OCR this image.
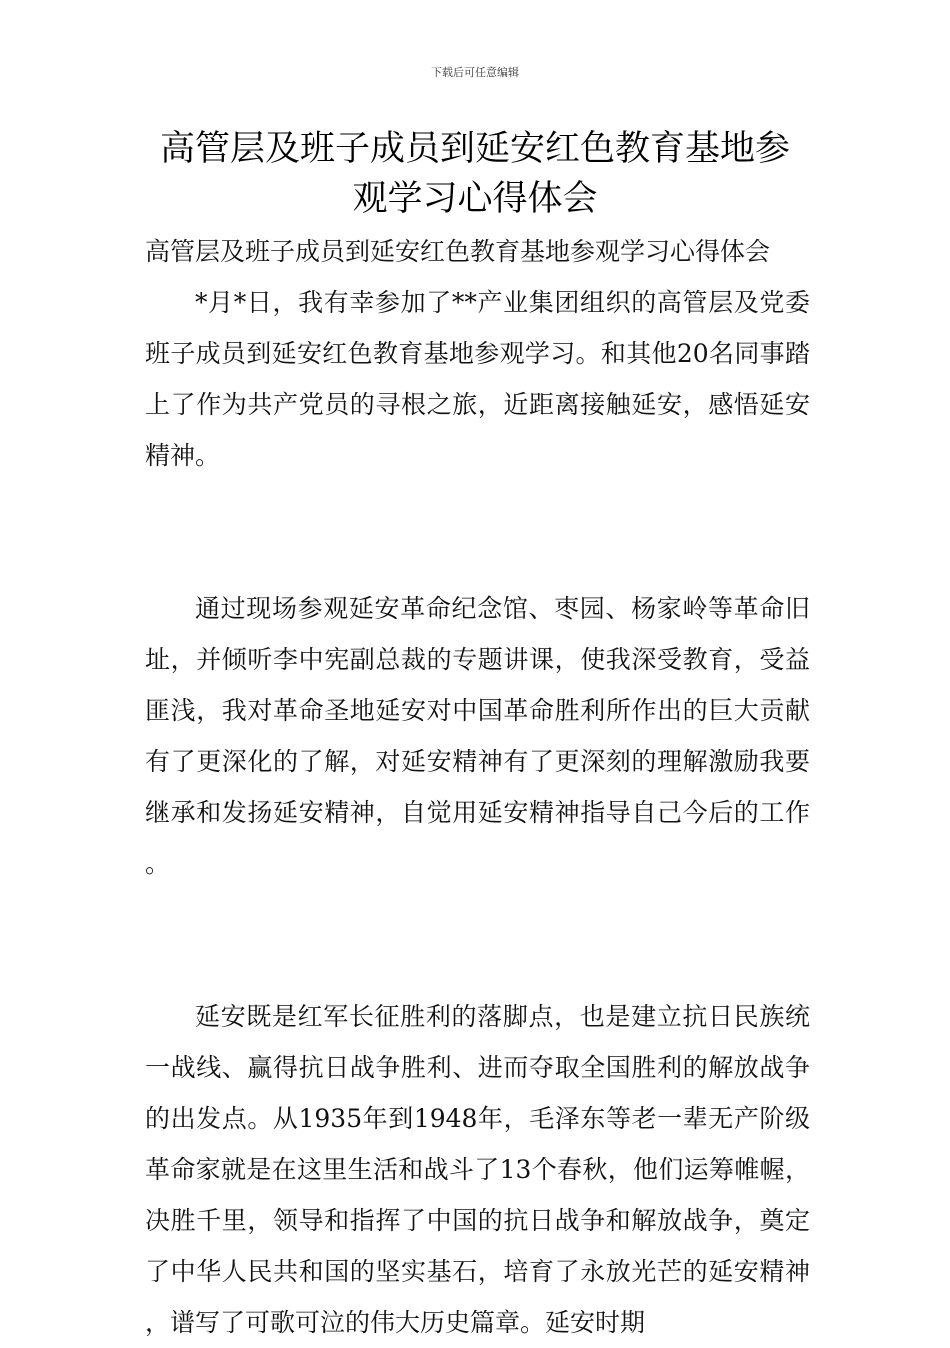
下载后可任意编辑
高管层及班子成员到延安红色教育基地参观学习心得体会

高管层及班子成员到延安红色教育基地参观学习心得体会

*月*日，我有幸参加了**产业集团组织的高管层及党委班子成员到延安红色教育基地参观学习。和其他20名同事踏上了作为共产党员的寻根之旅，近距离接触延安，感悟延安精神。

通过现场参观延安革命纪念馆、枣园、杨家岭等革命旧址，并倾听李中宪副总裁的专题讲课，使我深受教育，受益匪浅，我对革命圣地延安对中国革命胜利所作出的巨大贡献有了更深化的了解，对延安精神有了更深刻的理解激励我要继承和发扬延安精神，自觉用延安精神指导自己今后的工作。

延安既是红军长征胜利的落脚点，也是建立抗日民族统一战线、赢得抗日战争胜利、进而夺取全国胜利的解放战争的出发点。从1935年到1948年，毛泽东等老一辈无产阶级革命家就是在这里生活和战斗了13个春秋，他们运筹帷幄，决胜千里，领导和指挥了中国的抗日战争和解放战争，奠定了中华人民共和国的坚实基石，培育了永放光芒的延安精神，谱写了可歌可泣的伟大历史篇章。延安时期
